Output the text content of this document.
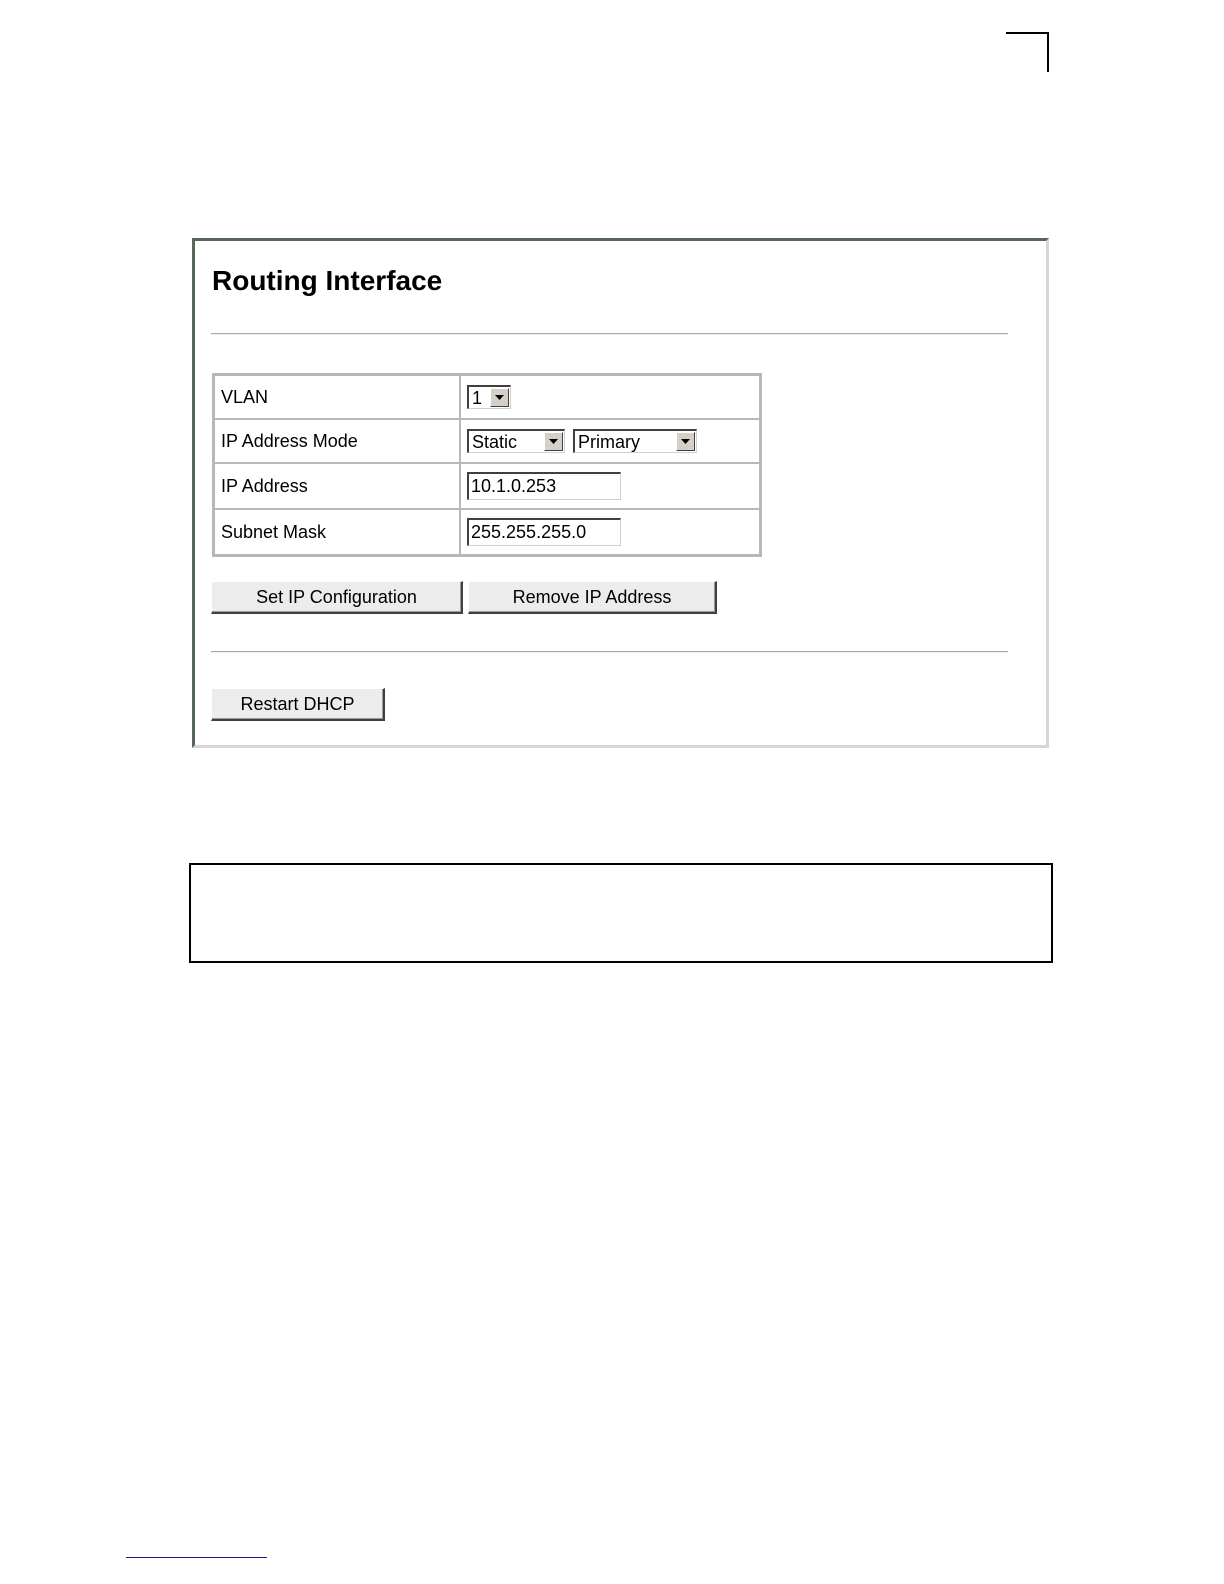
Routing Interface
VLAN	1

IP Address Mode	Static Primary

IP Address	10.1.0.253
Subnet Mask	255.255.255.0
Set IP Configuration	Remove IP Address
Restart DHCP
